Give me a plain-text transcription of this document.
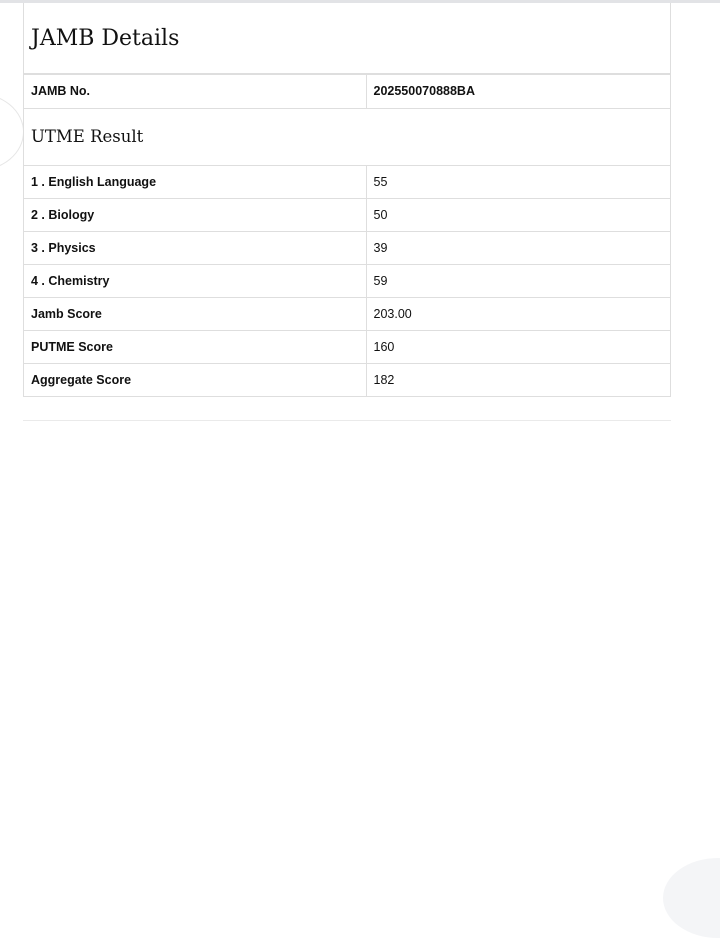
JAMB Details
JAMB No.	202550070888BA
UTME Result	
1 . English Language	55
2 . Biology	50
3 . Physics	39
4 . Chemistry	59
Jamb Score	203.00
PUTME Score	160
Aggregate Score	182
